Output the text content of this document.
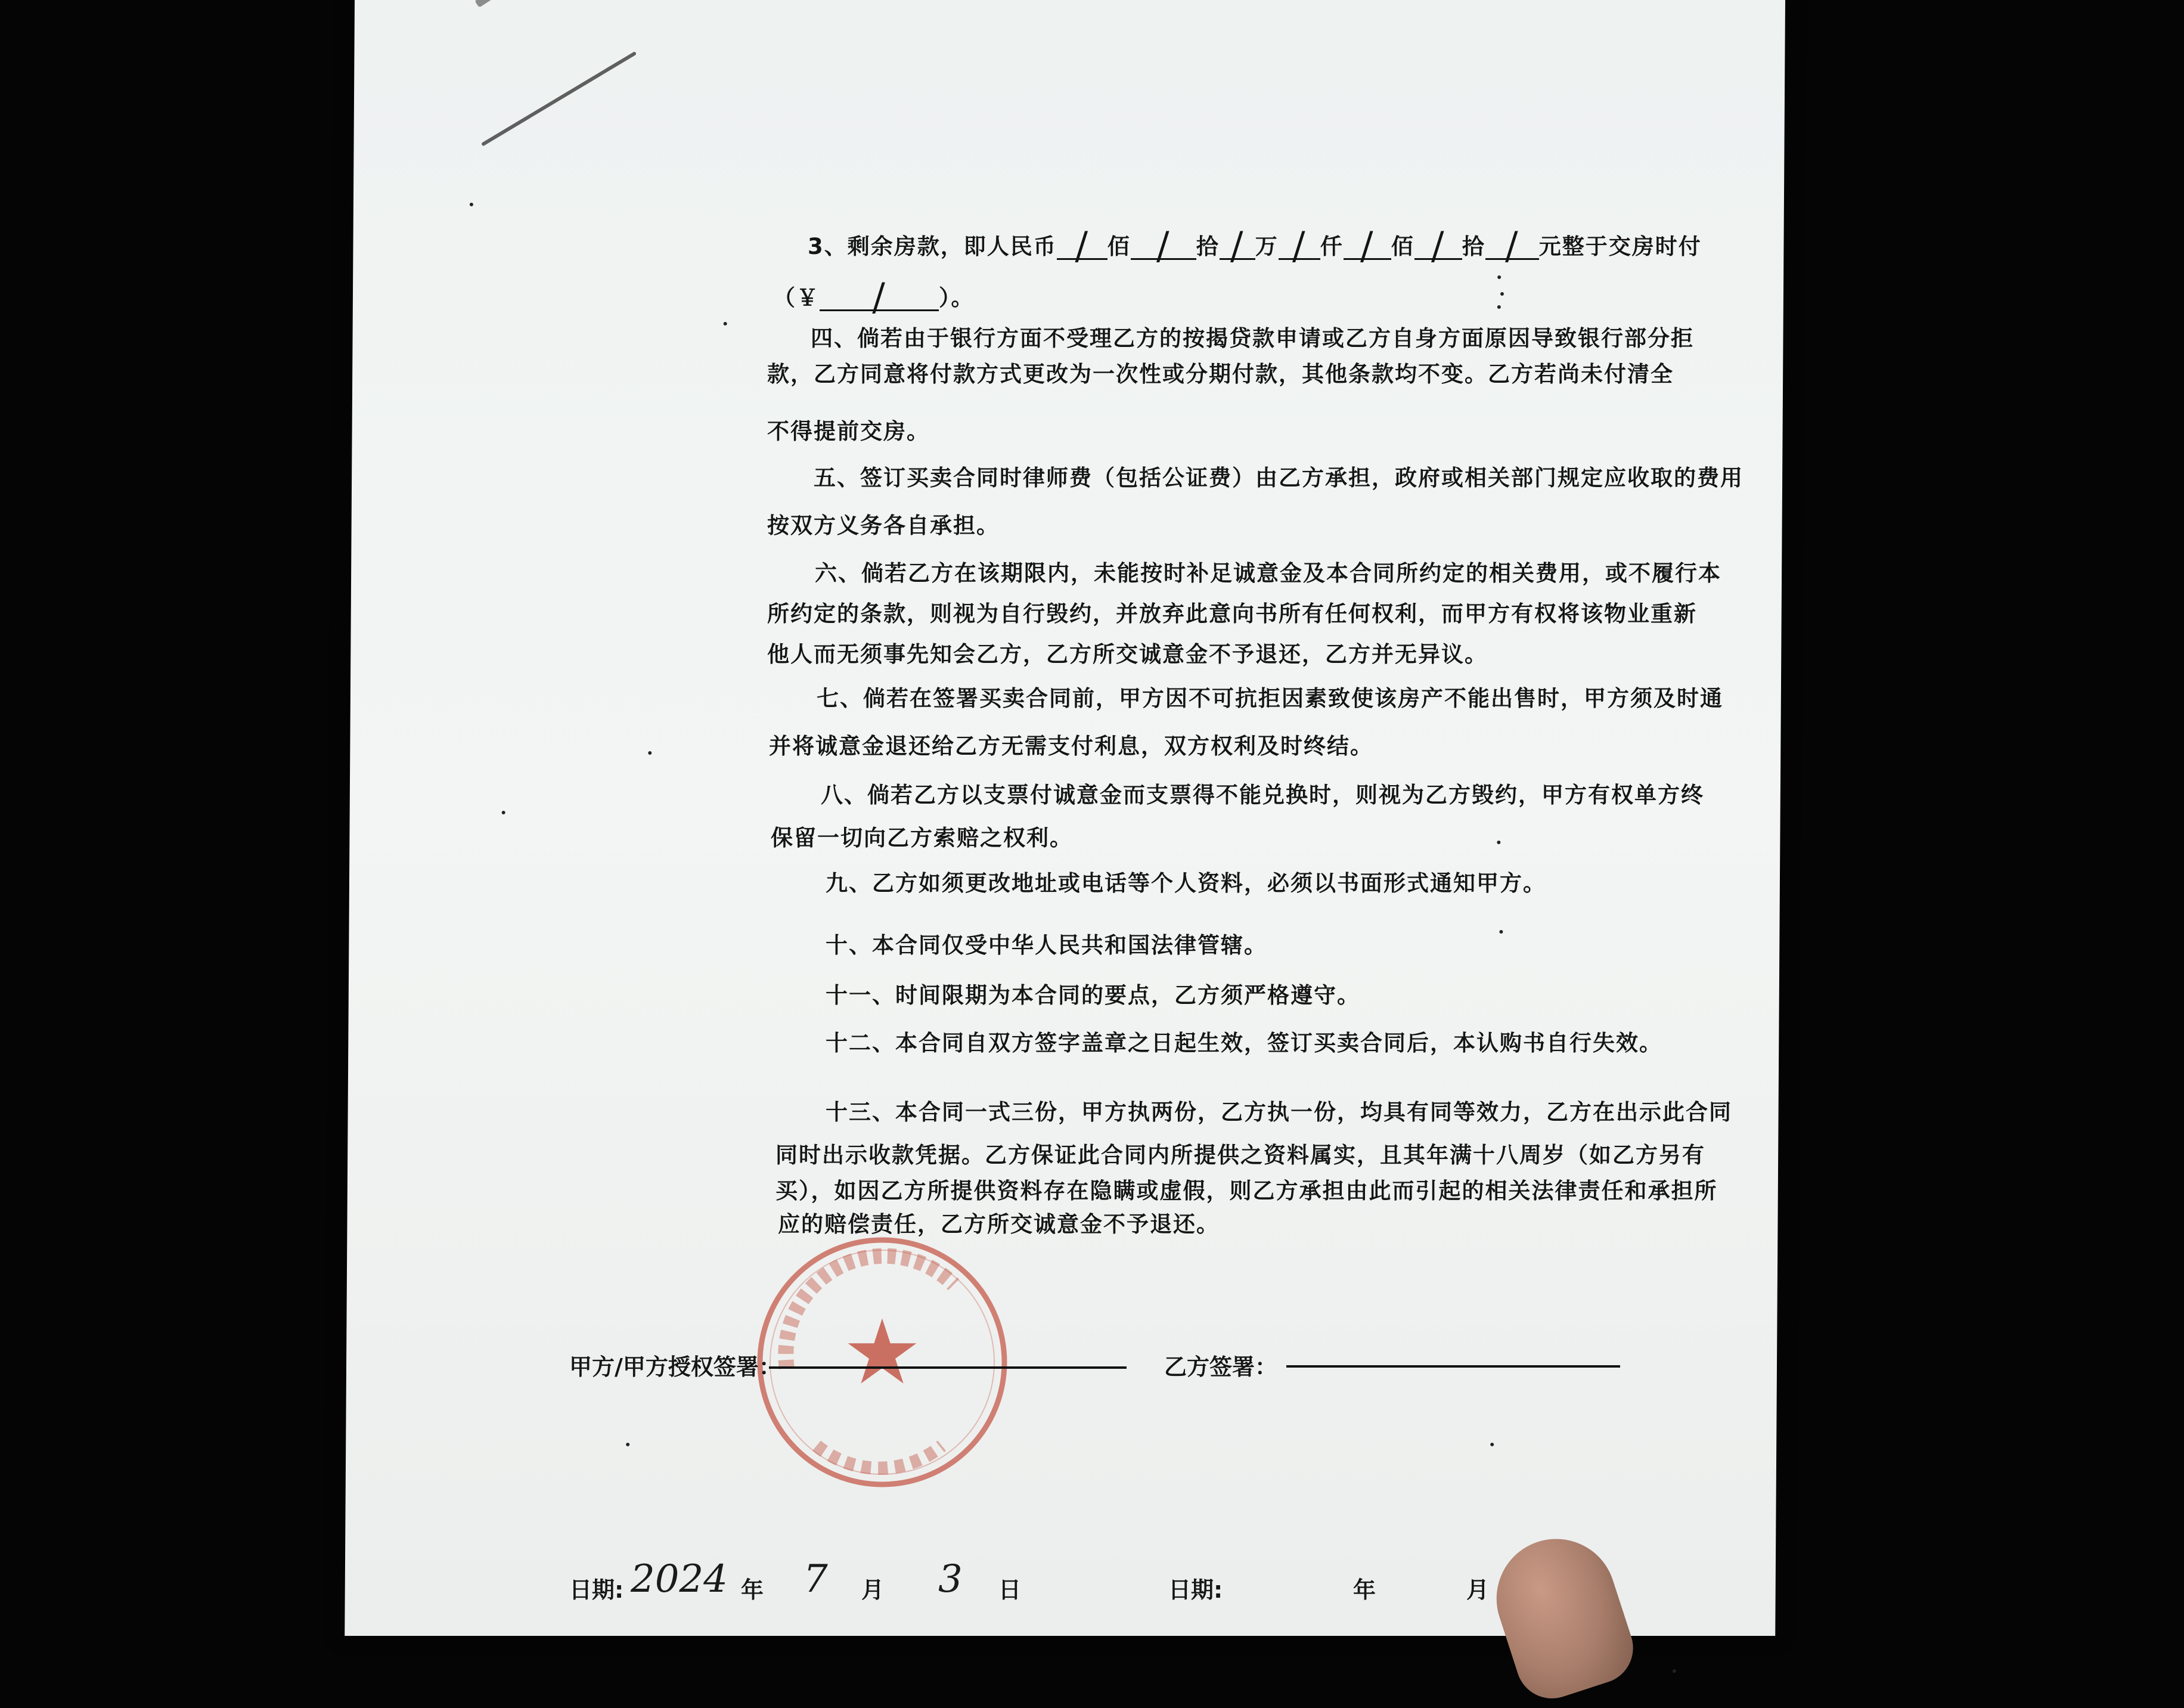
3、剩余房款，即人民币 / 佰 / 拾 / 万 / 仟 / 佰 / 拾 / 元整于交房时付
（￥ / ）。
四、倘若由于银行方面不受理乙方的按揭贷款申请或乙方自身方面原因导致银行部分拒
款，乙方同意将付款方式更改为一次性或分期付款，其他条款均不变。乙方若尚未付清全
不得提前交房。
五、签订买卖合同时律师费（包括公证费）由乙方承担，政府或相关部门规定应收取的费用
按双方义务各自承担。
六、倘若乙方在该期限内，未能按时补足诚意金及本合同所约定的相关费用，或不履行本
所约定的条款，则视为自行毁约，并放弃此意向书所有任何权利，而甲方有权将该物业重新
他人而无须事先知会乙方，乙方所交诚意金不予退还，乙方并无异议。
七、倘若在签署买卖合同前，甲方因不可抗拒因素致使该房产不能出售时，甲方须及时通
并将诚意金退还给乙方无需支付利息，双方权利及时终结。
八、倘若乙方以支票付诚意金而支票得不能兑换时，则视为乙方毁约，甲方有权单方终
保留一切向乙方索赔之权利。
九、乙方如须更改地址或电话等个人资料，必须以书面形式通知甲方。
十、本合同仅受中华人民共和国法律管辖。
十一、时间限期为本合同的要点，乙方须严格遵守。
十二、本合同自双方签字盖章之日起生效，签订买卖合同后，本认购书自行失效。
十三、本合同一式三份，甲方执两份，乙方执一份，均具有同等效力，乙方在出示此合同
同时出示收款凭据。乙方保证此合同内所提供之资料属实，且其年满十八周岁（如乙方另有
买），如因乙方所提供资料存在隐瞒或虚假，则乙方承担由此而引起的相关法律责任和承担所
应的赔偿责任，乙方所交诚意金不予退还。
★
甲方/甲方授权签署：	乙方签署：
日期: 2024 年 7 月 3 日	日期:	年	月
